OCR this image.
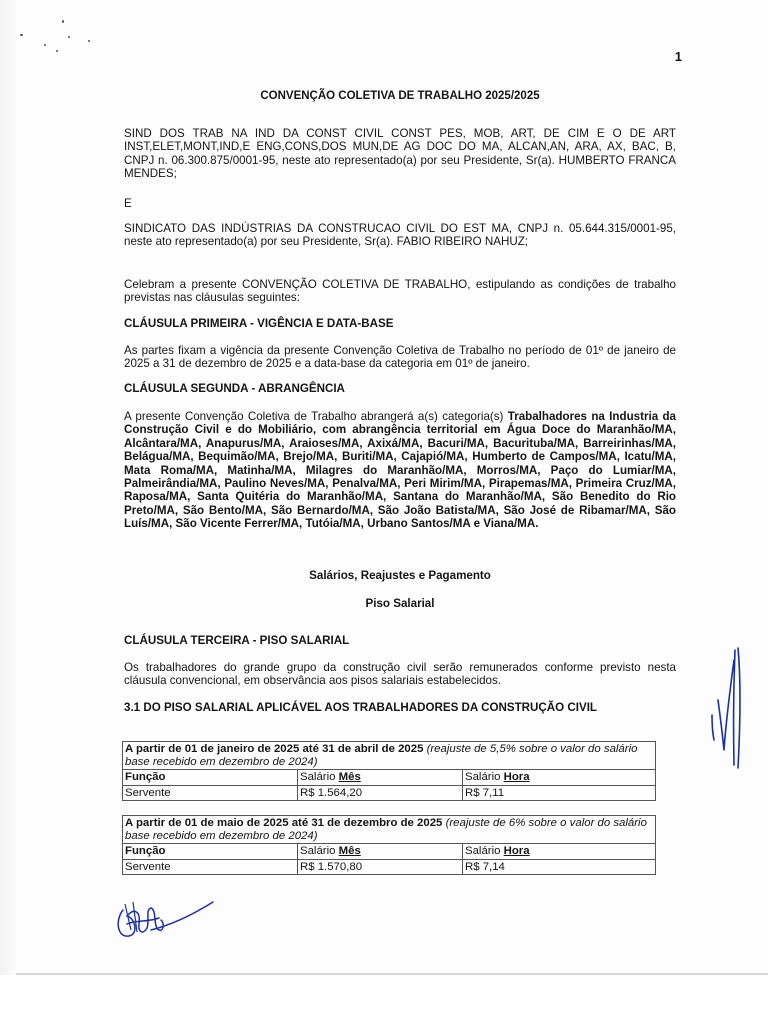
1
CONVENÇÃO COLETIVA DE TRABALHO 2025/2025

SIND DOS TRAB NA IND DA CONST CIVIL CONST PES, MOB, ART, DE CIM E O DE ART INST,ELET,MONT,IND,E ENG,CONS,DOS MUN,DE AG DOC DO MA, ALCAN,AN, ARA, AX, BAC, B, CNPJ n. 06.300.875/0001-95, neste ato representado(a) por seu Presidente, Sr(a). HUMBERTO FRANCA MENDES;

E

SINDICATO DAS INDÚSTRIAS DA CONSTRUCAO CIVIL DO EST MA, CNPJ n. 05.644.315/0001-95, neste ato representado(a) por seu Presidente, Sr(a). FABIO RIBEIRO NAHUZ;

Celebram a presente CONVENÇÃO COLETIVA DE TRABALHO, estipulando as condições de trabalho previstas nas cláusulas seguintes:

CLÁUSULA PRIMEIRA - VIGÊNCIA E DATA-BASE

As partes fixam a vigência da presente Convenção Coletiva de Trabalho no período de 01º de janeiro de 2025 a 31 de dezembro de 2025 e a data-base da categoria em 01º de janeiro.

CLÁUSULA SEGUNDA - ABRANGÊNCIA

A presente Convenção Coletiva de Trabalho abrangerá a(s) categoria(s) Trabalhadores na Industria da Construção Civil e do Mobiliário, com abrangência territorial em Água Doce do Maranhão/MA, Alcântara/MA, Anapurus/MA, Araioses/MA, Axixá/MA, Bacuri/MA, Bacurituba/MA, Barreirinhas/MA, Belágua/MA, Bequimão/MA, Brejo/MA, Buriti/MA, Cajapió/MA, Humberto de Campos/MA, Icatu/MA, Mata Roma/MA, Matinha/MA, Milagres do Maranhão/MA, Morros/MA, Paço do Lumiar/MA, Palmeirândia/MA, Paulino Neves/MA, Penalva/MA, Peri Mirim/MA, Pirapemas/MA, Primeira Cruz/MA, Raposa/MA, Santa Quitéria do Maranhão/MA, Santana do Maranhão/MA, São Benedito do Rio Preto/MA, São Bento/MA, São Bernardo/MA, São João Batista/MA, São José de Ribamar/MA, São Luís/MA, São Vicente Ferrer/MA, Tutóia/MA, Urbano Santos/MA e Viana/MA.

Salários, Reajustes e Pagamento

Piso Salarial

CLÁUSULA TERCEIRA - PISO SALARIAL

Os trabalhadores do grande grupo da construção civil serão remunerados conforme previsto nesta cláusula convencional, em observância aos pisos salariais estabelecidos.

3.1 DO PISO SALARIAL APLICÁVEL AOS TRABALHADORES DA CONSTRUÇÃO CIVIL

A partir de 01 de janeiro de 2025 até 31 de abril de 2025 (reajuste de 5,5% sobre o valor do salário base recebido em dezembro de 2024)		
Função	Salário Mês	Salário Hora
Servente	R$ 1.564,20	R$ 7,11
A partir de 01 de maio de 2025 até 31 de dezembro de 2025 (reajuste de 6% sobre o valor do salário base recebido em dezembro de 2024)		
Função	Salário Mês	Salário Hora
Servente	R$ 1.570,80	R$ 7,14
